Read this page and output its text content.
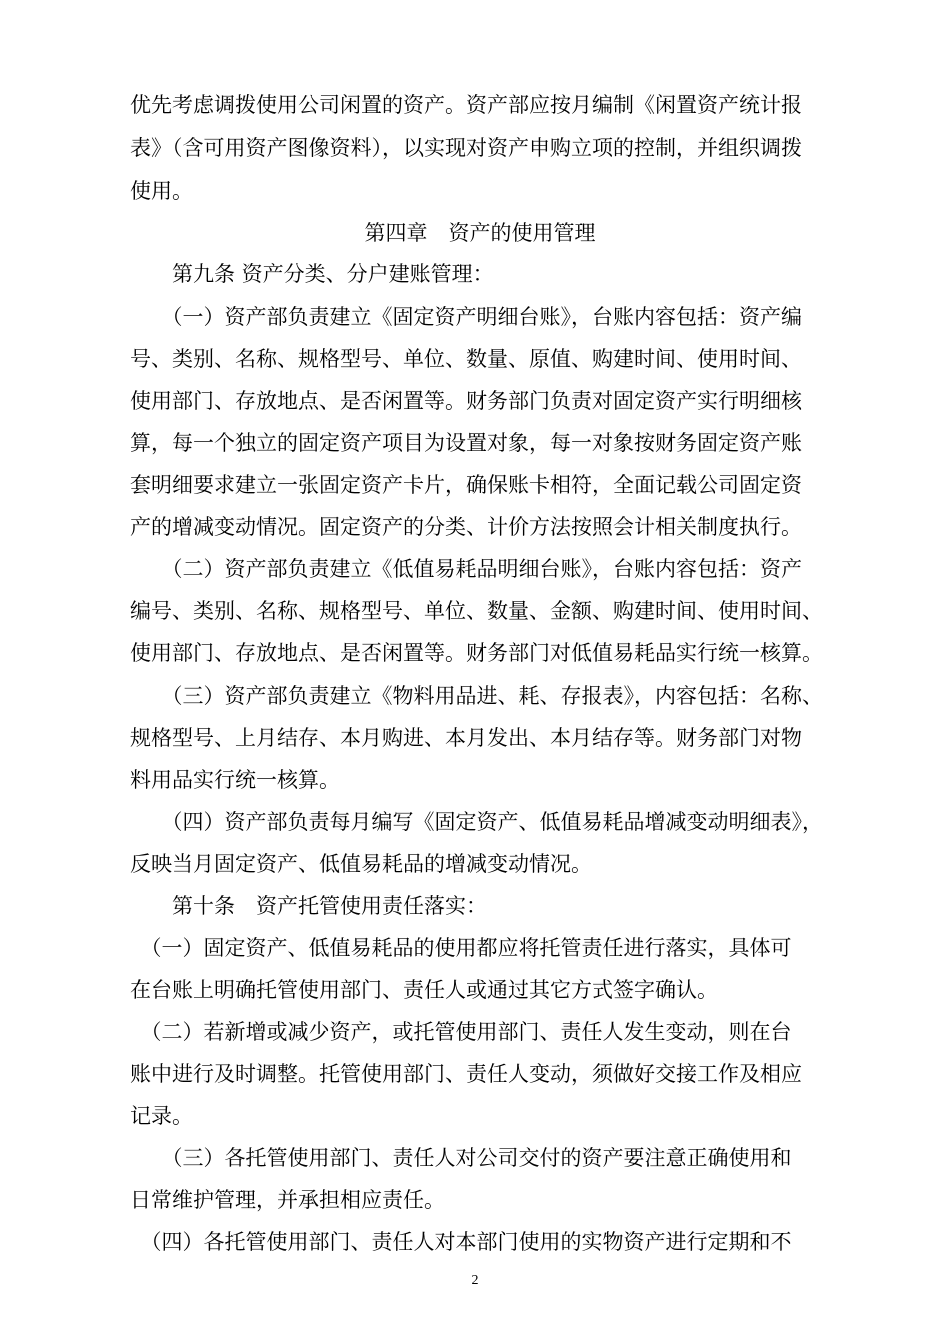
优先考虑调拨使用公司闲置的资产。资产部应按月编制《闲置资产统计报
表》（含可用资产图像资料），以实现对资产申购立项的控制，并组织调拨
使用。
第四章　资产的使用管理
　　第九条 资产分类、分户建账管理：
　　（一）资产部负责建立《固定资产明细台账》，台账内容包括：资产编
号、类别、名称、规格型号、单位、数量、原值、购建时间、使用时间、
使用部门、存放地点、是否闲置等。财务部门负责对固定资产实行明细核
算，每一个独立的固定资产项目为设置对象，每一对象按财务固定资产账
套明细要求建立一张固定资产卡片，确保账卡相符，全面记载公司固定资
产的增减变动情况。固定资产的分类、计价方法按照会计相关制度执行。
　　（二）资产部负责建立《低值易耗品明细台账》，台账内容包括：资产
编号、类别、名称、规格型号、单位、数量、金额、购建时间、使用时间、
使用部门、存放地点、是否闲置等。财务部门对低值易耗品实行统一核算。
　　（三）资产部负责建立《物料用品进、耗、存报表》，内容包括：名称、
规格型号、上月结存、本月购进、本月发出、本月结存等。财务部门对物
料用品实行统一核算。
　　（四）资产部负责每月编写《固定资产、低值易耗品增减变动明细表》，
反映当月固定资产、低值易耗品的增减变动情况。
　　第十条　资产托管使用责任落实：
　（一）固定资产、低值易耗品的使用都应将托管责任进行落实，具体可
在台账上明确托管使用部门、责任人或通过其它方式签字确认。
　（二）若新增或减少资产，或托管使用部门、责任人发生变动，则在台
账中进行及时调整。托管使用部门、责任人变动，须做好交接工作及相应
记录。
　　（三）各托管使用部门、责任人对公司交付的资产要注意正确使用和
日常维护管理，并承担相应责任。
　（四）各托管使用部门、责任人对本部门使用的实物资产进行定期和不
2
